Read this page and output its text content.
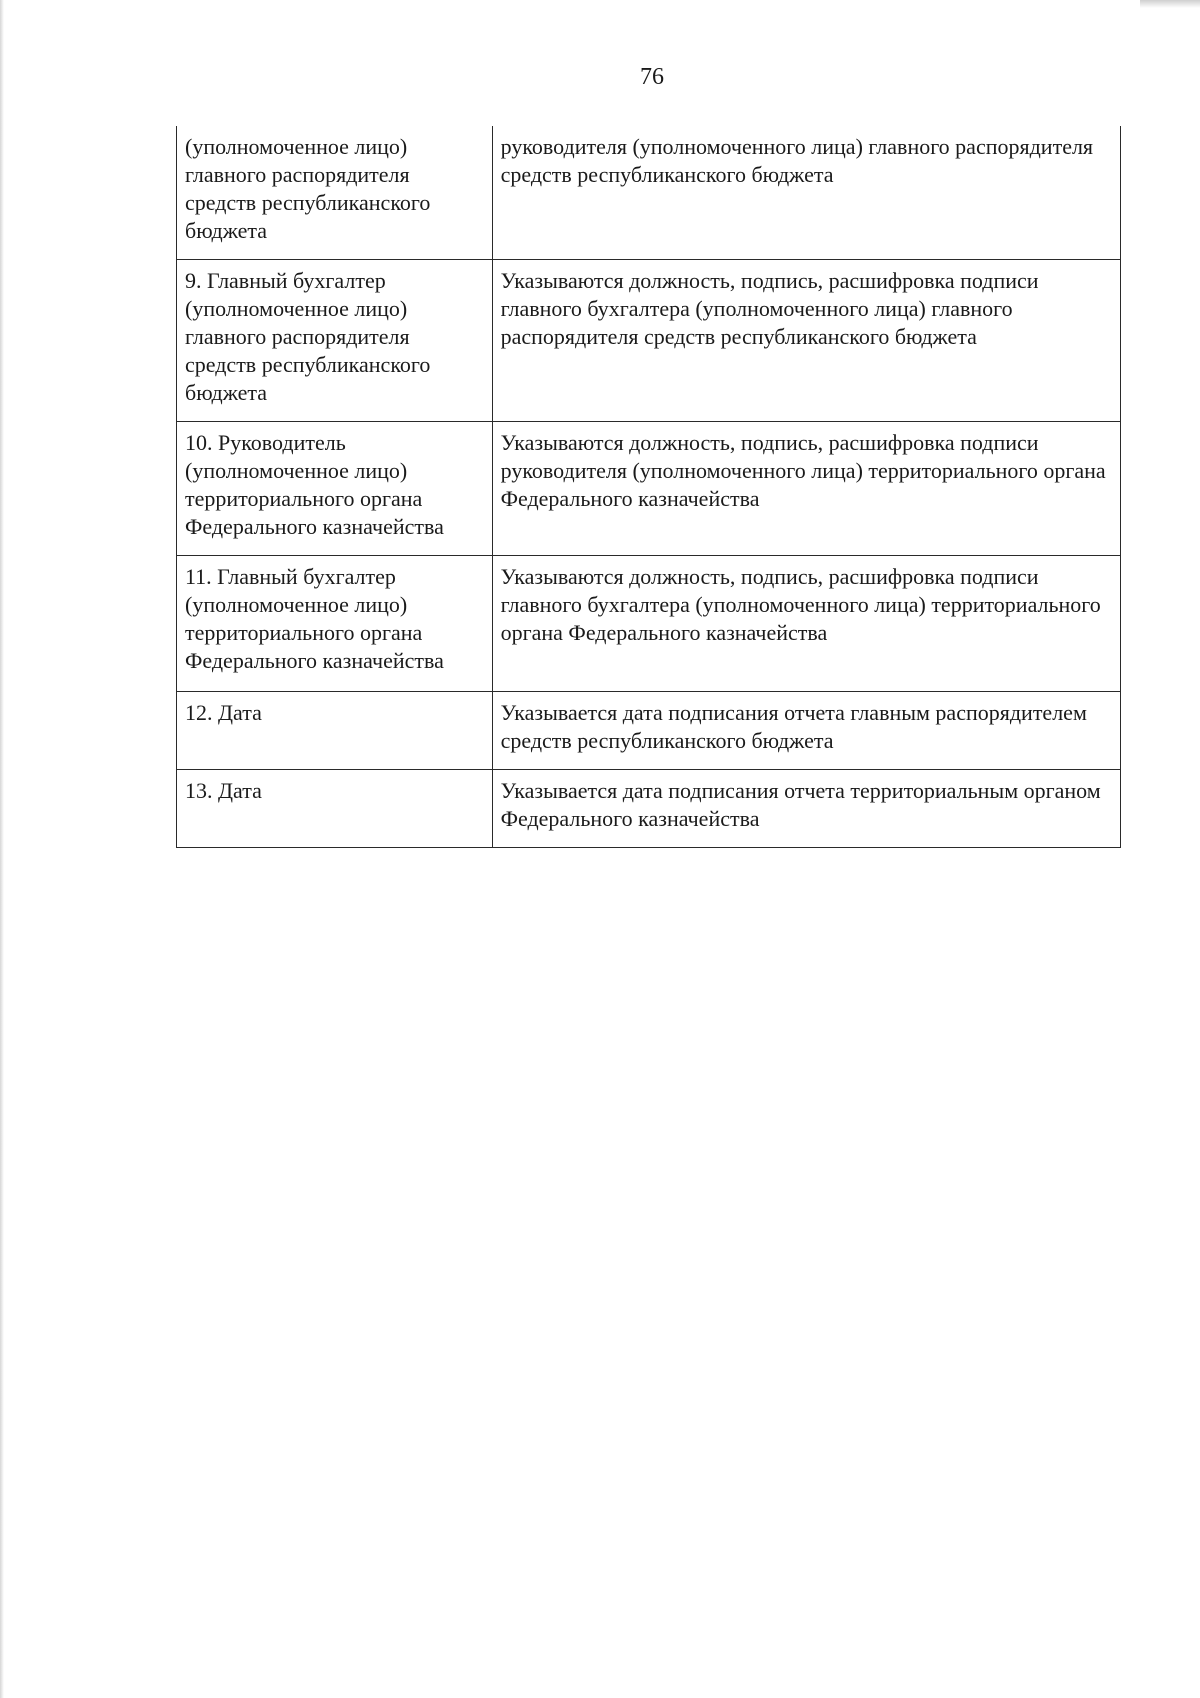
76
(уполномоченное лицо) главного распорядителя средств республиканского бюджета	руководителя (уполномоченного лица) главного распорядителя средств республиканского бюджета
9. Главный бухгалтер (уполномоченное лицо) главного распорядителя средств республиканского бюджета	Указываются должность, подпись, расшифровка подписи главного бухгалтера (уполномоченного лица) главного распорядителя средств республиканского бюджета
10. Руководитель (уполномоченное лицо) территориального органа Федерального казначейства	Указываются должность, подпись, расшифровка подписи руководителя (уполномоченного лица) территориального органа Федерального казначейства
11. Главный бухгалтер (уполномоченное лицо) территориального органа Федерального казначейства	Указываются должность, подпись, расшифровка подписи главного бухгалтера (уполномоченного лица) территориального органа Федерального казначейства
12. Дата	Указывается дата подписания отчета главным распорядителем средств республиканского бюджета
13. Дата	Указывается дата подписания отчета территориальным органом Федерального казначейства
